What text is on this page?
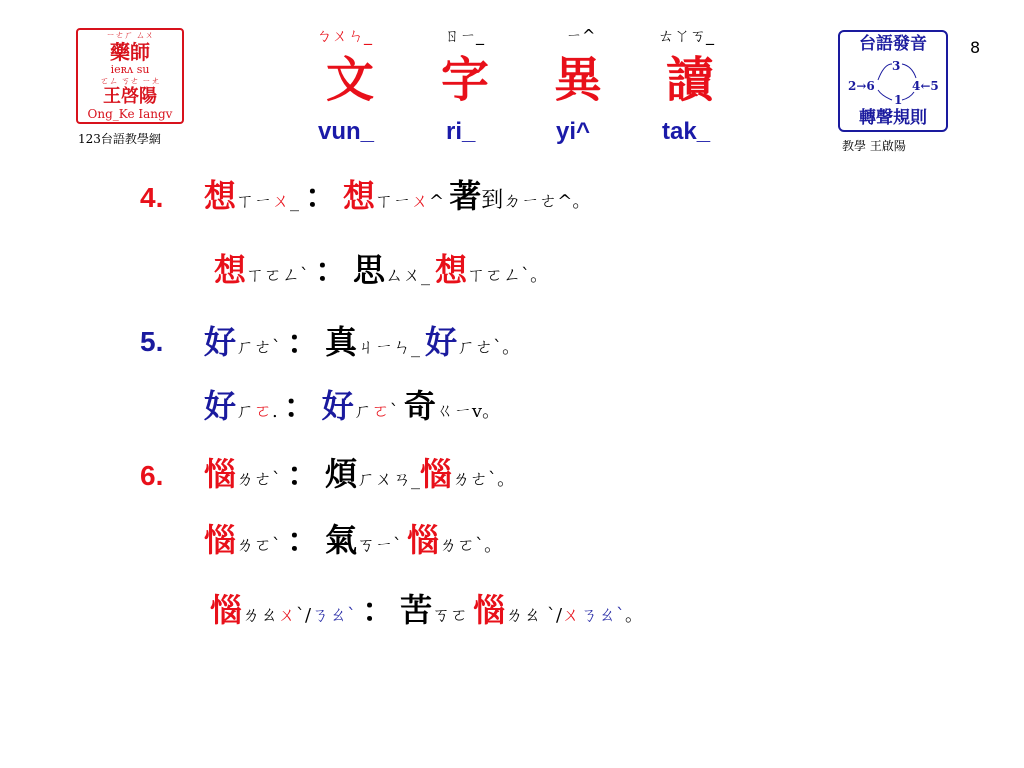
ㄧㄜㄏ ㄙㄨ
藥師
ieʀʌ su
ㄛㄥ ㄎㄜ ㄧㄤ
王啓陽
Ong_Ke Iangv
123台語教學網
台語發音
2→6
3
4←5
1
轉聲規則
教學 王啟陽
8
ㄅㄨㄣ_	ㄖㄧ_	ㄧ^	ㄊㄚㄎ_
文 字 異 讀
vun_	ri_	yi^	tak_
4.
5.
6.
想ㄒㄧㄨ_ ： 想ㄒㄧㄨ^ 著到ㄉㄧㄜ^。
想ㄒㄛㄥˋ ： 思ㄙㄨ_ 想ㄒㄛㄥˋ。
好ㄏㄜˋ ： 真ㄐㄧㄣ_ 好ㄏㄜˋ。
好ㄏㄛ. ： 好ㄏㄛˋ 奇ㄍㄧv。
惱ㄌㄜˋ ： 煩ㄏㄨㄢ_惱ㄌㄜˋ。
惱ㄌㄛˋ ： 氣ㄎㄧˋ 惱ㄌㄛˋ。
惱ㄌㄠㄨˋ/ㄋㄠˋ ： 苦ㄎㄛ 惱ㄌㄠ ˋ/ㄨㄋㄠˋ。
